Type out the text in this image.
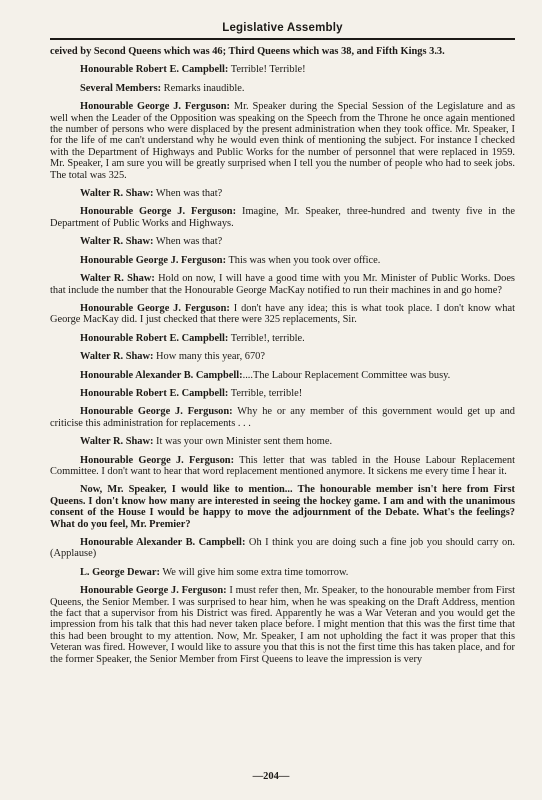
Legislative Assembly

ceived by Second Queens which was 46; Third Queens which was 38, and Fifth Kings 3.3.

Honourable Robert E. Campbell: Terrible! Terrible!

Several Members: Remarks inaudible.

Honourable George J. Ferguson: Mr. Speaker during the Special Session of the Legislature and as well when the Leader of the Opposition was speaking on the Speech from the Throne he once again mentioned the number of persons who were displaced by the present administration when they took office. Mr. Speaker, I for the life of me can't understand why he would even think of mentioning the subject. For instance I checked with the Department of Highways and Public Works for the number of personnel that were replaced in 1959. Mr. Speaker, I am sure you will be greatly surprised when I tell you the number of people who had to seek jobs. The total was 325.

Walter R. Shaw: When was that?

Honourable George J. Ferguson: Imagine, Mr. Speaker, three-hundred and twenty five in the Department of Public Works and Highways.

Walter R. Shaw: When was that?

Honourable George J. Ferguson: This was when you took over office.

Walter R. Shaw: Hold on now, I will have a good time with you Mr. Minister of Public Works. Does that include the number that the Honourable George MacKay notified to run their machines in and go home?

Honourable George J. Ferguson: I don't have any idea; this is what took place. I don't know what George MacKay did. I just checked that there were 325 replacements, Sir.

Honourable Robert E. Campbell: Terrible!, terrible.

Walter R. Shaw: How many this year, 670?

Honourable Alexander B. Campbell:....The Labour Replacement Committee was busy.

Honourable Robert E. Campbell: Terrible, terrible!

Honourable George J. Ferguson: Why he or any member of this government would get up and criticise this administration for replacements . . .

Walter R. Shaw: It was your own Minister sent them home.

Honourable George J. Ferguson: This letter that was tabled in the House Labour Replacement Committee. I don't want to hear that word replacement mentioned anymore. It sickens me every time I hear it.

Now, Mr. Speaker, I would like to mention... The honourable member isn't here from First Queens. I don't know how many are interested in seeing the hockey game. I am and with the unanimous consent of the House I would be happy to move the adjournment of the Debate. What's the feelings? What do you feel, Mr. Premier?

Honourable Alexander B. Campbell: Oh I think you are doing such a fine job you should carry on. (Applause)

L. George Dewar: We will give him some extra time tomorrow.

Honourable George J. Ferguson: I must refer then, Mr. Speaker, to the honourable member from First Queens, the Senior Member. I was surprised to hear him, when he was speaking on the Draft Address, mention the fact that a supervisor from his District was fired. Apparently he was a War Veteran and you would get the impression from his talk that this had never taken place before. I might mention that this was the first time that this had been brought to my attention. Now, Mr. Speaker, I am not upholding the fact it was proper that this Veteran was fired. However, I would like to assure you that this is not the first time this has taken place, and for the former Speaker, the Senior Member from First Queens to leave the impression is very

—204—
